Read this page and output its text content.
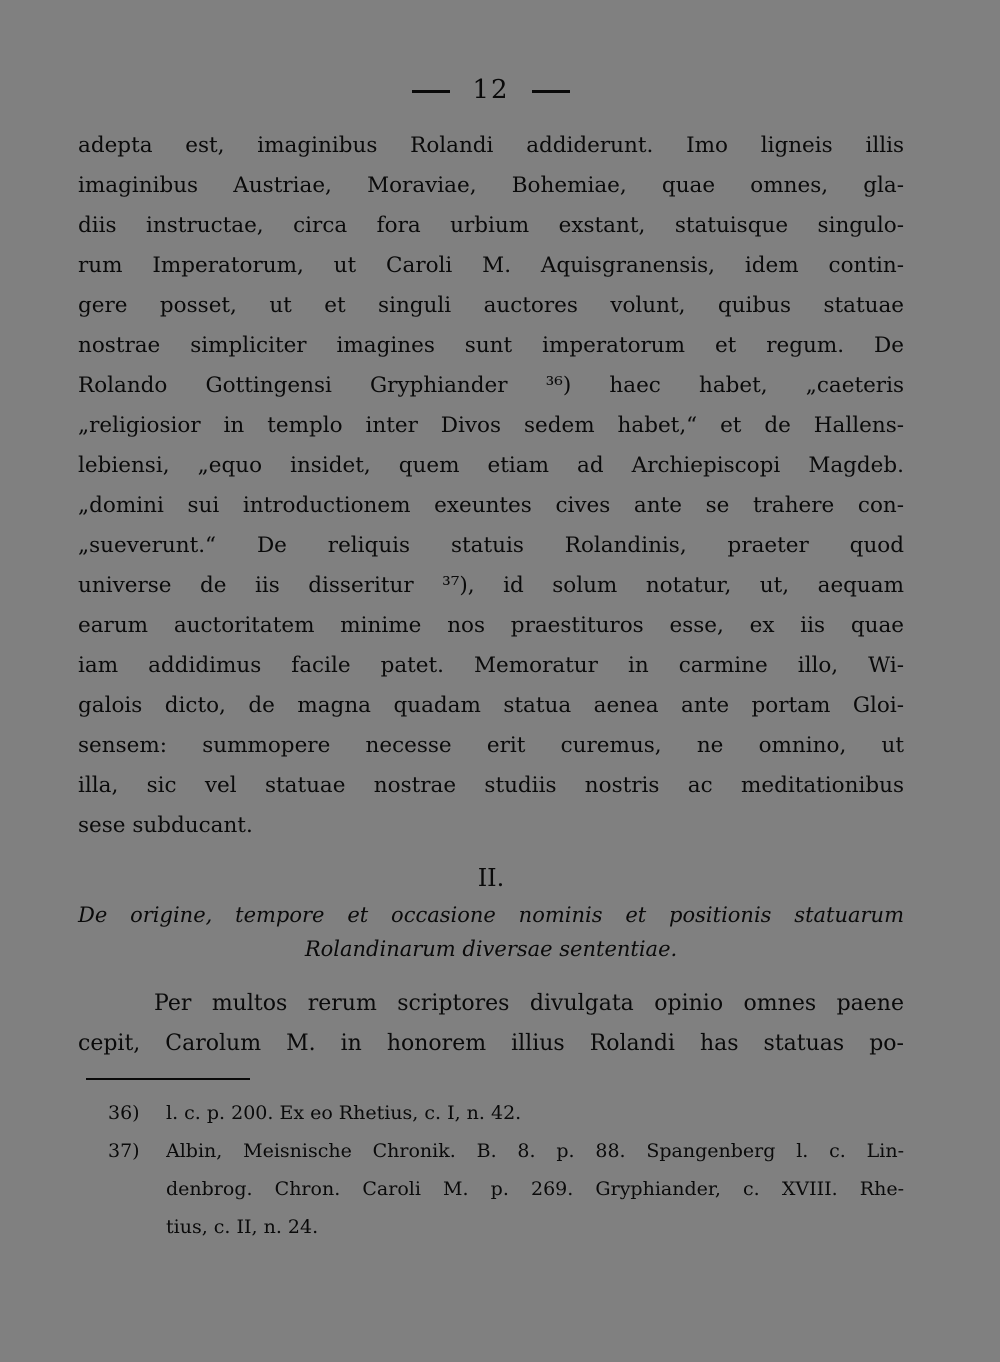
12
adepta est, imaginibus Rolandi addiderunt. Imo ligneis illis
imaginibus Austriae, Moraviae, Bohemiae, quae omnes, gla-
diis instructae, circa fora urbium exstant, statuisque singulo-
rum Imperatorum, ut Caroli M. Aquisgranensis, idem contin-
gere posset, ut et singuli auctores volunt, quibus statuae
nostrae simpliciter imagines sunt imperatorum et regum. De
Rolando Gottingensi Gryphiander ³⁶) haec habet, „caeteris
„religiosior in templo inter Divos sedem habet,“ et de Hallens-
lebiensi, „equo insidet, quem etiam ad Archiepiscopi Magdeb.
„domini sui introductionem exeuntes cives ante se trahere con-
„sueverunt.“ De reliquis statuis Rolandinis, praeter quod
universe de iis disseritur ³⁷), id solum notatur, ut, aequam
earum auctoritatem minime nos praestituros esse, ex iis quae
iam addidimus facile patet. Memoratur in carmine illo, Wi-
galois dicto, de magna quadam statua aenea ante portam Gloi-
sensem: summopere necesse erit curemus, ne omnino, ut
illa, sic vel statuae nostrae studiis nostris ac meditationibus
sese subducant.
II.
De origine, tempore et occasione nominis et positionis statuarum
Rolandinarum diversae sententiae.
Per multos rerum scriptores divulgata opinio omnes paene
cepit, Carolum M. in honorem illius Rolandi has statuas po-
36)	l. c. p. 200. Ex eo Rhetius, c. I, n. 42.
37)	Albin, Meisnische Chronik. B. 8. p. 88. Spangenberg l. c. Lin-
denbrog. Chron. Caroli M. p. 269. Gryphiander, c. XVIII. Rhe-
tius, c. II, n. 24.
